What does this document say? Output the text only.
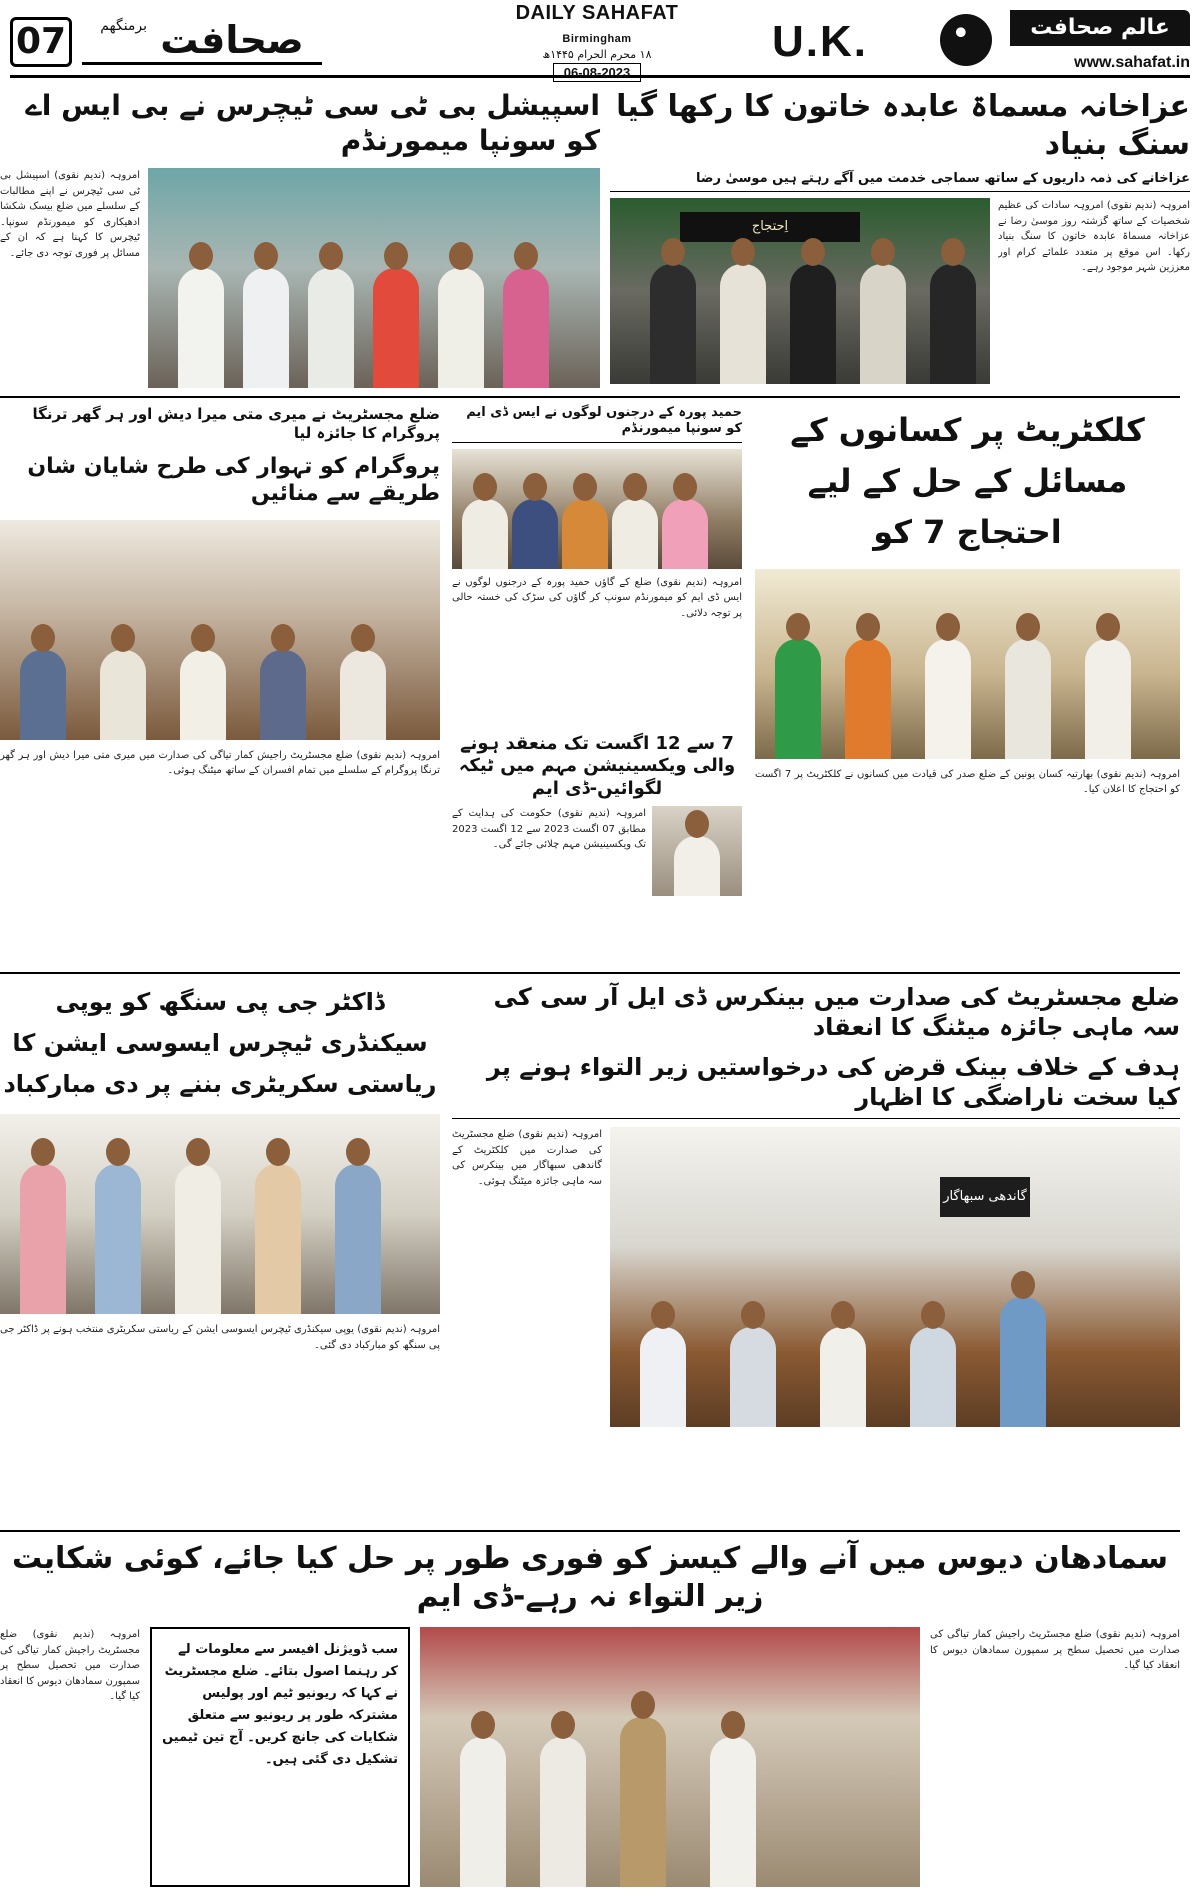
07	صحافت $^{برمنگھم}$
DAILY SAHAFAT Birmingham
۱۸ محرم الحرام ۱۴۴۵ھ
06-08-2023
U.K.	عالم صحافت
www.sahafat.in
عزاخانہ مسماۃ عابدہ خاتون کا رکھا گیا سنگ بنیاد
عزاخانے کی ذمہ داریوں کے ساتھ سماجی خدمت میں آگے رہتے ہیں موسیٰ رضا
اِحتجاج
امروہہ (ندیم نقوی) امروہہ سادات کی عظیم شخصیات کے ساتھ گزشتہ روز موسیٰ رضا نے عزاخانہ مسماۃ عابدہ خاتون کا سنگ بنیاد رکھا۔ اس موقع پر متعدد علمائے کرام اور معززین شہر موجود رہے۔
اسپیشل بی ٹی سی ٹیچرس نے بی ایس اے کو سونپا میمورنڈم
امروہہ (ندیم نقوی) اسپیشل بی ٹی سی ٹیچرس نے اپنے مطالبات کے سلسلے میں ضلع بیسک شکشا ادھیکاری کو میمورنڈم سونپا۔ ٹیچرس کا کہنا ہے کہ ان کے مسائل پر فوری توجہ دی جائے۔
ضلع مجسٹریٹ نے میری متی میرا دیش اور ہر گھر ترنگا پروگرام کا جائزہ لیا
پروگرام کو تہوار کی طرح شایان شان طریقے سے منائیں
امروہہ (ندیم نقوی) ضلع مجسٹریٹ راجیش کمار تیاگی کی صدارت میں میری متی میرا دیش اور ہر گھر ترنگا پروگرام کے سلسلے میں تمام افسران کے ساتھ میٹنگ ہوئی۔
حمید پورہ کے درجنوں لوگوں نے ایس ڈی ایم کو سونپا میمورنڈم
امروہہ (ندیم نقوی) ضلع کے گاؤں حمید پورہ کے درجنوں لوگوں نے ایس ڈی ایم کو میمورنڈم سونپ کر گاؤں کی سڑک کی خستہ حالی پر توجہ دلائی۔
7 سے 12 اگست تک منعقد ہونے والی ویکسینیشن مہم میں ٹیکہ لگوائیں-ڈی ایم
امروہہ (ندیم نقوی) حکومت کی ہدایت کے مطابق 07 اگست 2023 سے 12 اگست 2023 تک ویکسینیشن مہم چلائی جائے گی۔
کلکٹریٹ پر کسانوں کے مسائل کے حل کے لیے احتجاج 7 کو
امروہہ (ندیم نقوی) بھارتیہ کسان یونین کے ضلع صدر کی قیادت میں کسانوں نے کلکٹریٹ پر 7 اگست کو احتجاج کا اعلان کیا۔
ڈاکٹر جی پی سنگھ کو یوپی سیکنڈری ٹیچرس ایسوسی ایشن کا ریاستی سکریٹری بننے پر دی مبارکباد
امروہہ (ندیم نقوی) یوپی سیکنڈری ٹیچرس ایسوسی ایشن کے ریاستی سکریٹری منتخب ہونے پر ڈاکٹر جی پی سنگھ کو مبارکباد دی گئی۔
ضلع مجسٹریٹ کی صدارت میں بینکرس ڈی ایل آر سی کی سہ ماہی جائزہ میٹنگ کا انعقاد
ہدف کے خلاف بینک قرض کی درخواستیں زیر التواء ہونے پر کیا سخت ناراضگی کا اظہار
امروہہ (ندیم نقوی) ضلع مجسٹریٹ کی صدارت میں کلکٹریٹ کے گاندھی سبھاگار میں بینکرس کی سہ ماہی جائزہ میٹنگ ہوئی۔
گاندھی سبھاگار
سمادھان دیوس میں آنے والے کیسز کو فوری طور پر حل کیا جائے، کوئی شکایت زیر التواء نہ رہے-ڈی ایم
امروہہ (ندیم نقوی) ضلع مجسٹریٹ راجیش کمار تیاگی کی صدارت میں تحصیل سطح پر سمپورن سمادھان دیوس کا انعقاد کیا گیا۔
سب ڈویژنل افیسر سے معلومات لے کر رہنما اصول بتائے۔ ضلع مجسٹریٹ نے کہا کہ ریونیو ٹیم اور پولیس مشترکہ طور پر ریونیو سے متعلق شکایات کی جانچ کریں۔ آج تین ٹیمیں تشکیل دی گئی ہیں۔
امروہہ (ندیم نقوی) ضلع مجسٹریٹ راجیش کمار تیاگی کی صدارت میں تحصیل سطح پر سمپورن سمادھان دیوس کا انعقاد کیا گیا۔
